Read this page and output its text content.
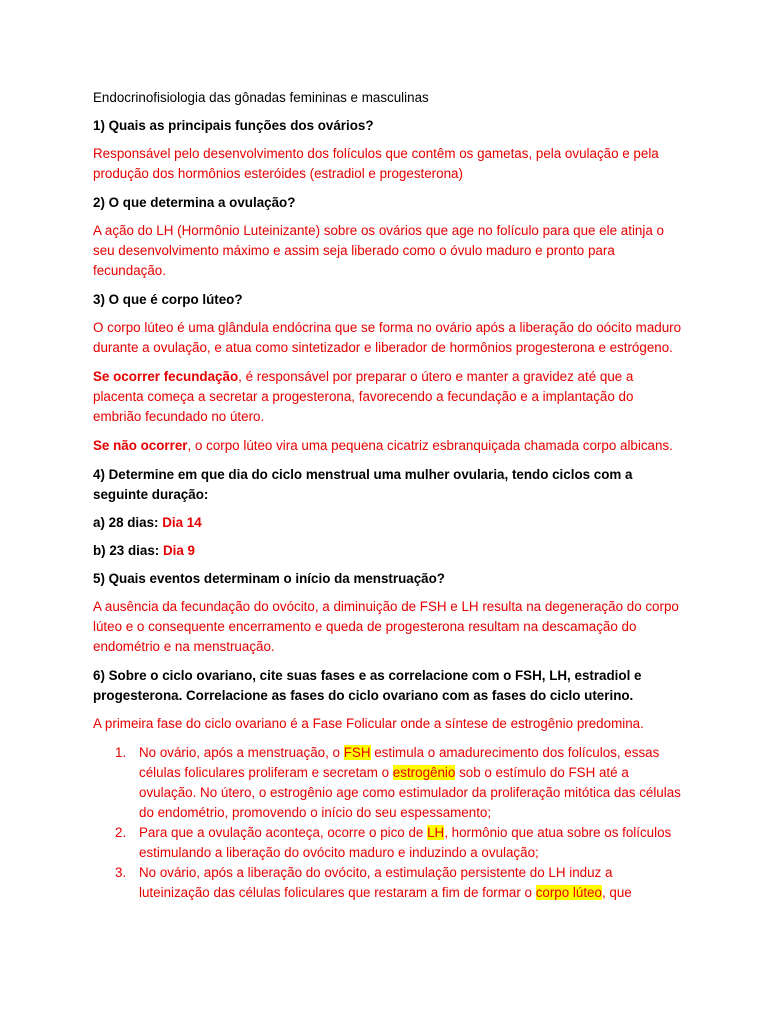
Endocrinofisiologia das gônadas femininas e masculinas

1) Quais as principais funções dos ovários?

Responsável pelo desenvolvimento dos folículos que contêm os gametas, pela ovulação e pela produção dos hormônios esteróides (estradiol e progesterona)

2) O que determina a ovulação?

A ação do LH (Hormônio Luteinizante) sobre os ovários que age no folículo para que ele atinja o seu desenvolvimento máximo e assim seja liberado como o óvulo maduro e pronto para fecundação.

3) O que é corpo lúteo?

O corpo lúteo é uma glândula endócrina que se forma no ovário após a liberação do oócito maduro durante a ovulação, e atua como sintetizador e liberador de hormônios progesterona e estrógeno.

Se ocorrer fecundação, é responsável por preparar o útero e manter a gravidez até que a placenta começa a secretar a progesterona, favorecendo a fecundação e a implantação do embrião fecundado no útero.

Se não ocorrer, o corpo lúteo vira uma pequena cicatriz esbranquiçada chamada corpo albicans.

4) Determine em que dia do ciclo menstrual uma mulher ovularia, tendo ciclos com a seguinte duração:

a) 28 dias: Dia 14

b) 23 dias: Dia 9

5) Quais eventos determinam o início da menstruação?

A ausência da fecundação do ovócito, a diminuição de FSH e LH resulta na degeneração do corpo lúteo e o consequente encerramento e queda de progesterona resultam na descamação do endométrio e na menstruação.

6) Sobre o ciclo ovariano, cite suas fases e as correlacione com o FSH, LH, estradiol e progesterona. Correlacione as fases do ciclo ovariano com as fases do ciclo uterino.

A primeira fase do ciclo ovariano é a Fase Folicular onde a síntese de estrogênio predomina.

1. No ovário, após a menstruação, o FSH estimula o amadurecimento dos folículos, essas células foliculares proliferam e secretam o estrogênio sob o estímulo do FSH até a ovulação. No útero, o estrogênio age como estimulador da proliferação mitótica das células do endométrio, promovendo o início do seu espessamento;
2. Para que a ovulação aconteça, ocorre o pico de LH, hormônio que atua sobre os folículos estimulando a liberação do ovócito maduro e induzindo a ovulação;
3. No ovário, após a liberação do ovócito, a estimulação persistente do LH induz a luteinização das células foliculares que restaram a fim de formar o corpo lúteo, que
